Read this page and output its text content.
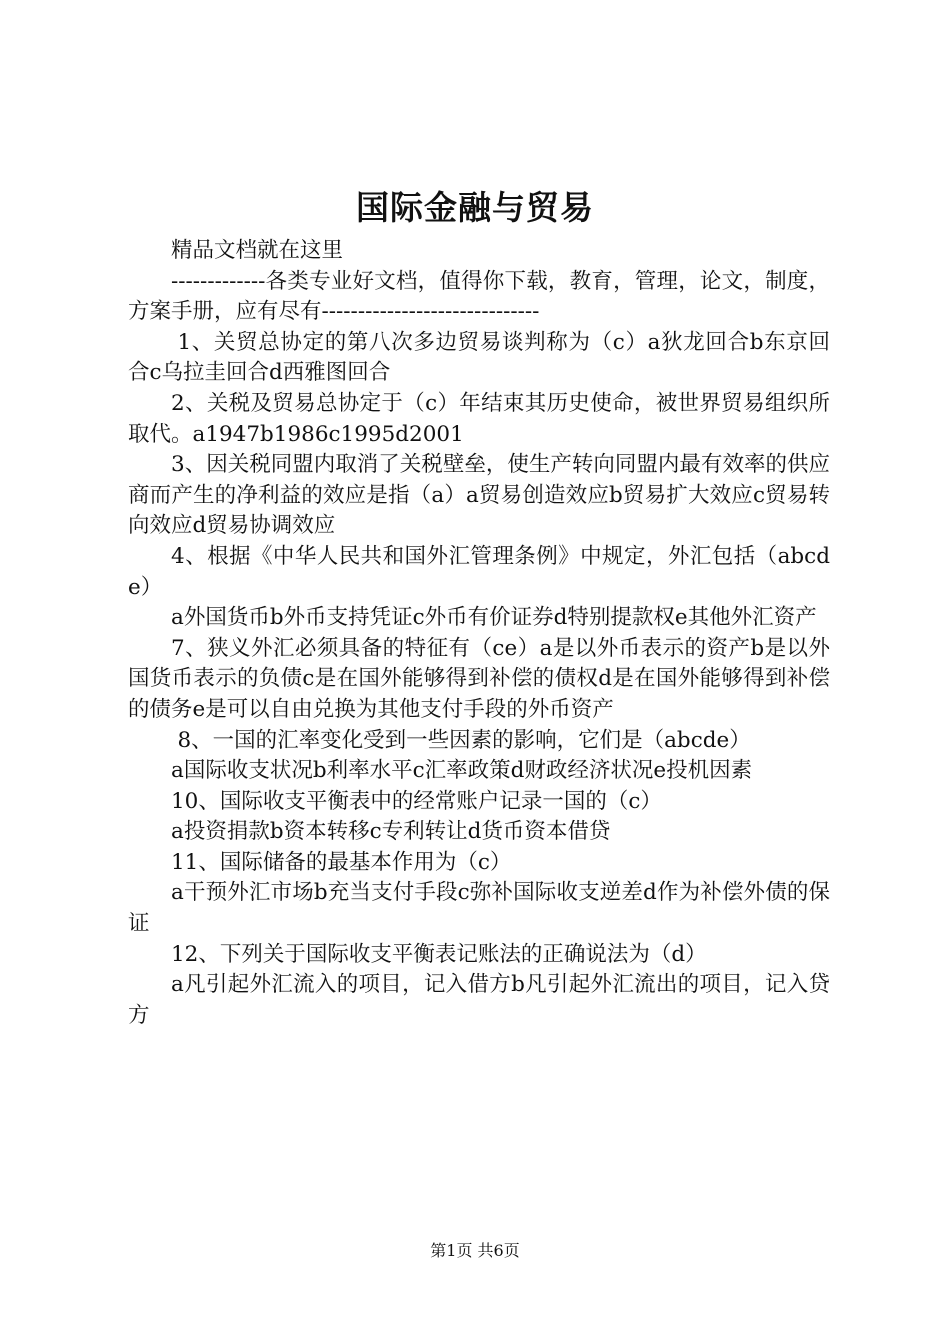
国际金融与贸易

精品文档就在这里

-------------各类专业好文档，值得你下载，教育，管理，论文，制度，方案手册，应有尽有------------------------------

1、关贸总协定的第八次多边贸易谈判称为（c）a狄龙回合b东京回合c乌拉圭回合d西雅图回合

2、关税及贸易总协定于（c）年结束其历史使命，被世界贸易组织所取代。a1947b1986c1995d2001

3、因关税同盟内取消了关税壁垒，使生产转向同盟内最有效率的供应商而产生的净利益的效应是指（a）a贸易创造效应b贸易扩大效应c贸易转向效应d贸易协调效应

4、根据《中华人民共和国外汇管理条例》中规定，外汇包括（abcde）

a外国货币b外币支持凭证c外币有价证券d特别提款权e其他外汇资产

7、狭义外汇必须具备的特征有（ce）a是以外币表示的资产b是以外国货币表示的负债c是在国外能够得到补偿的债权d是在国外能够得到补偿的债务e是可以自由兑换为其他支付手段的外币资产

8、一国的汇率变化受到一些因素的影响，它们是（abcde）

a国际收支状况b利率水平c汇率政策d财政经济状况e投机因素

10、国际收支平衡表中的经常账户记录一国的（c）

a投资捐款b资本转移c专利转让d货币资本借贷

11、国际储备的最基本作用为（c）

a干预外汇市场b充当支付手段c弥补国际收支逆差d作为补偿外债的保证

12、下列关于国际收支平衡表记账法的正确说法为（d）

a凡引起外汇流入的项目，记入借方b凡引起外汇流出的项目，记入贷方

第1页 共6页
